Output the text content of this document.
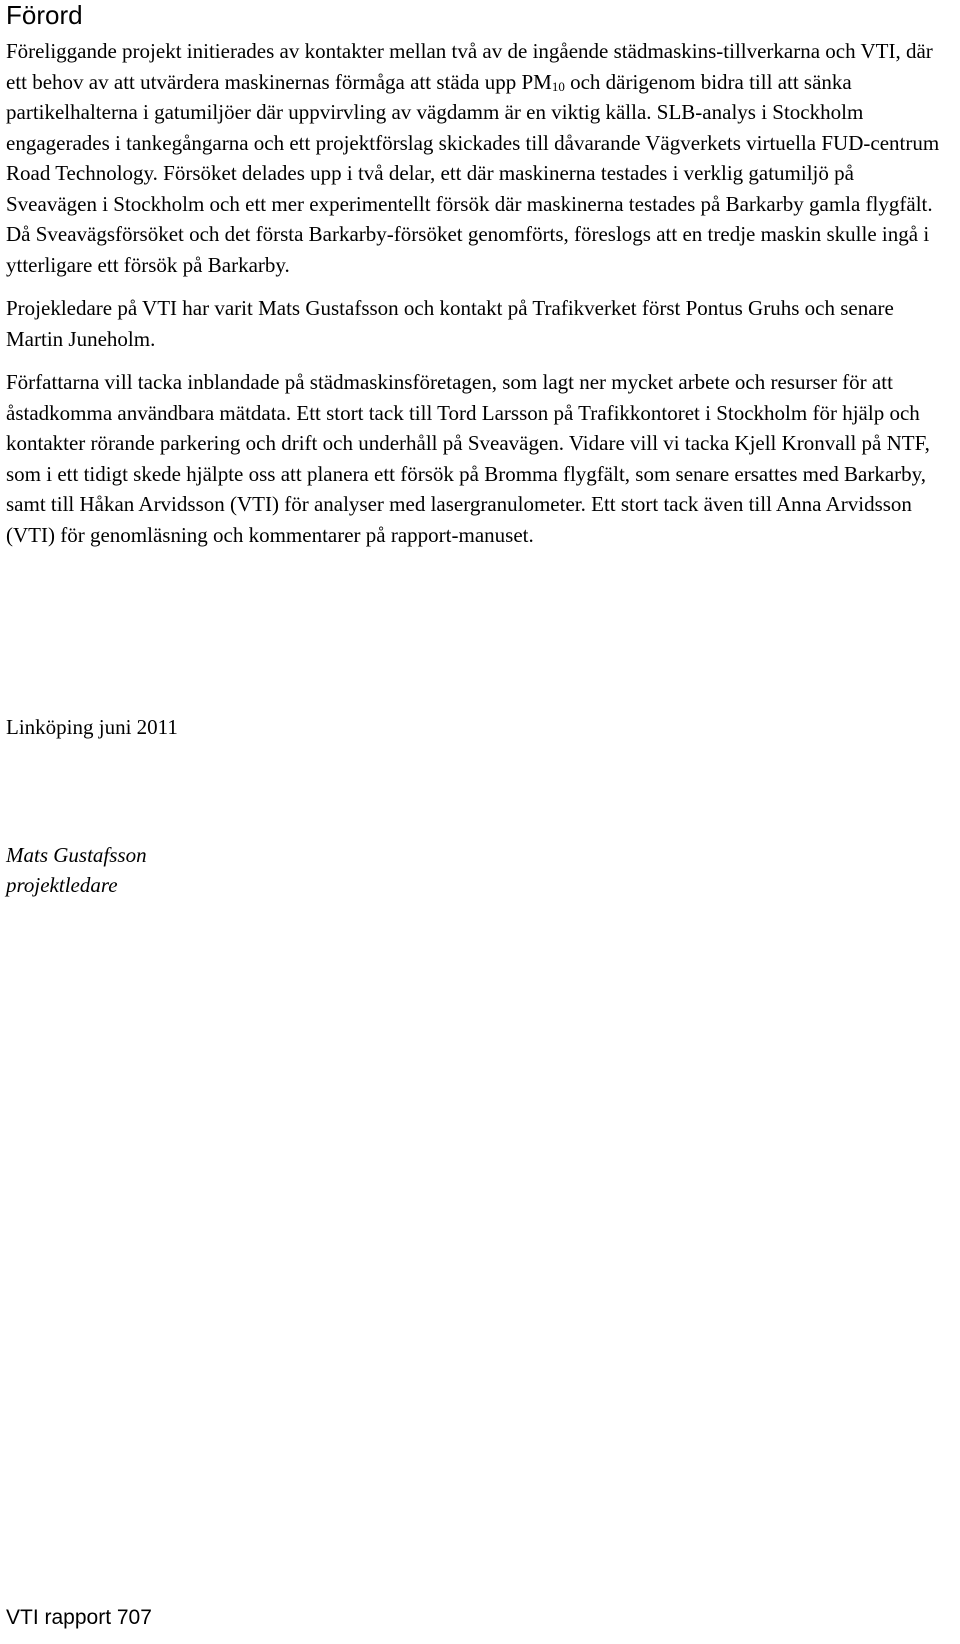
Förord

Föreliggande projekt initierades av kontakter mellan två av de ingående städmaskins-tillverkarna och VTI, där ett behov av att utvärdera maskinernas förmåga att städa upp $PM_{10}$ och därigenom bidra till att sänka partikelhalterna i gatumiljöer där uppvirvling av vägdamm är en viktig källa. SLB-analys i Stockholm engagerades i tankegångarna och ett projektförslag skickades till dåvarande Vägverkets virtuella FUD-centrum Road Technology. Försöket delades upp i två delar, ett där maskinerna testades i verklig gatumiljö på Sveavägen i Stockholm och ett mer experimentellt försök där maskinerna testades på Barkarby gamla flygfält. Då Sveavägsförsöket och det första Barkarby-försöket genomförts, föreslogs att en tredje maskin skulle ingå i ytterligare ett försök på Barkarby.

Projekledare på VTI har varit Mats Gustafsson och kontakt på Trafikverket först Pontus Gruhs och senare Martin Juneholm.

Författarna vill tacka inblandade på städmaskinsföretagen, som lagt ner mycket arbete och resurser för att åstadkomma användbara mätdata. Ett stort tack till Tord Larsson på Trafikkontoret i Stockholm för hjälp och kontakter rörande parkering och drift och underhåll på Sveavägen. Vidare vill vi tacka Kjell Kronvall på NTF, som i ett tidigt skede hjälpte oss att planera ett försök på Bromma flygfält, som senare ersattes med Barkarby, samt till Håkan Arvidsson (VTI) för analyser med lasergranulometer. Ett stort tack även till Anna Arvidsson (VTI) för genomläsning och kommentarer på rapport-manuset.

Linköping juni 2011

Mats Gustafsson
projektledare

VTI rapport 707
